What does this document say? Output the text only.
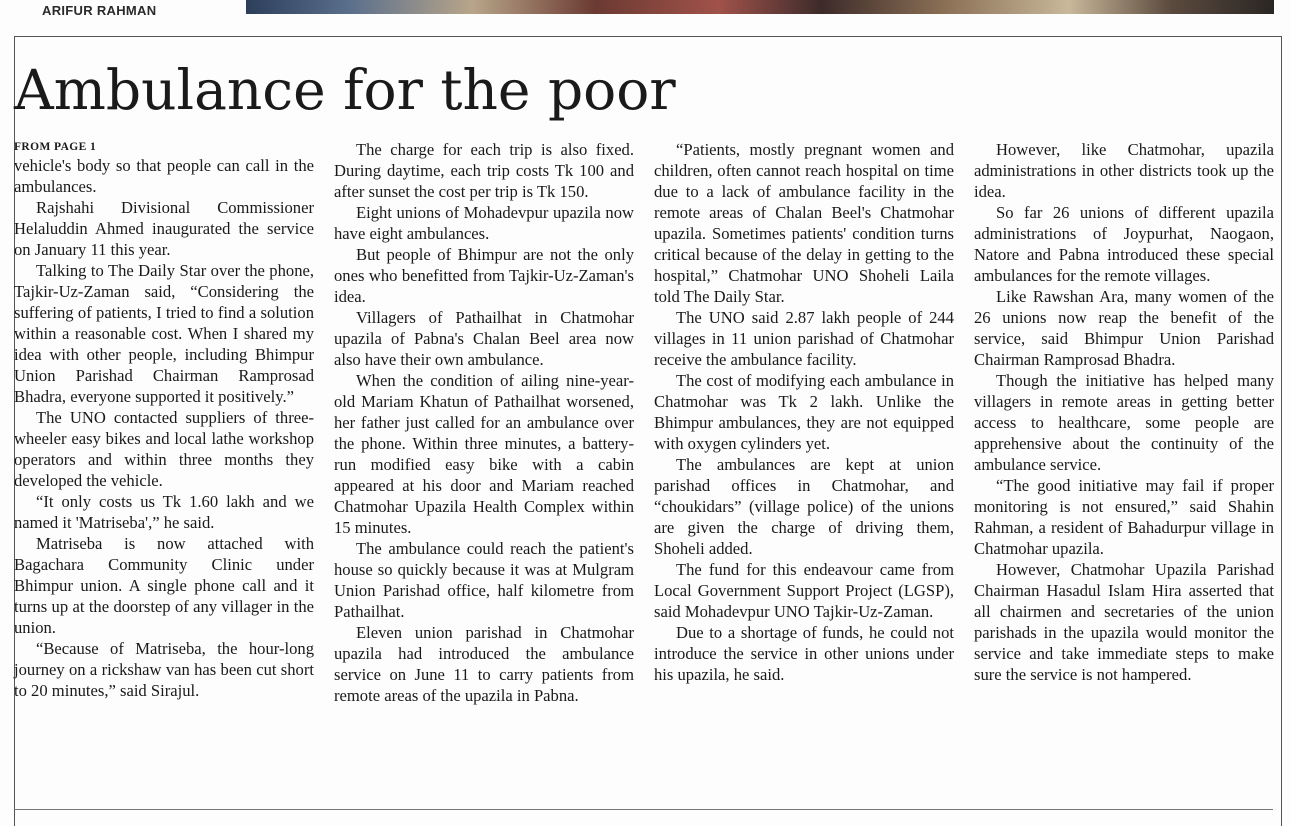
ARIFUR RAHMAN
Ambulance for the poor
FROM PAGE 1

vehicle's body so that people can call in the ambulances.

Rajshahi Divisional Commissioner Helaluddin Ahmed inaugurated the service on January 11 this year.

Talking to The Daily Star over the phone, Tajkir-Uz-Zaman said, “Considering the suffering of patients, I tried to find a solution within a reasonable cost. When I shared my idea with other people, including Bhimpur Union Parishad Chairman Ramprosad Bhadra, everyone supported it positively.”

The UNO contacted suppliers of three-wheeler easy bikes and local lathe workshop operators and within three months they developed the vehicle.

“It only costs us Tk 1.60 lakh and we named it 'Matriseba',” he said.

Matriseba is now attached with Bagachara Community Clinic under Bhimpur union. A single phone call and it turns up at the doorstep of any villager in the union.

“Because of Matriseba, the hour-long journey on a rickshaw van has been cut short to 20 minutes,” said Sirajul.

The charge for each trip is also fixed. During daytime, each trip costs Tk 100 and after sunset the cost per trip is Tk 150.

Eight unions of Mohadevpur upazila now have eight ambulances.

But people of Bhimpur are not the only ones who benefitted from Tajkir-Uz-Zaman's idea.

Villagers of Pathailhat in Chatmohar upazila of Pabna's Chalan Beel area now also have their own ambulance.

When the condition of ailing nine-year-old Mariam Khatun of Pathailhat worsened, her father just called for an ambulance over the phone. Within three minutes, a battery-run modified easy bike with a cabin appeared at his door and Mariam reached Chatmohar Upazila Health Complex within 15 minutes.

The ambulance could reach the patient's house so quickly because it was at Mulgram Union Parishad office, half kilometre from Pathailhat.

Eleven union parishad in Chatmohar upazila had introduced the ambulance service on June 11 to carry patients from remote areas of the upazila in Pabna.

“Patients, mostly pregnant women and children, often cannot reach hospital on time due to a lack of ambulance facility in the remote areas of Chalan Beel's Chatmohar upazila. Sometimes patients' condition turns critical because of the delay in getting to the hospital,” Chatmohar UNO Shoheli Laila told The Daily Star.

The UNO said 2.87 lakh people of 244 villages in 11 union parishad of Chatmohar receive the ambulance facility.

The cost of modifying each ambulance in Chatmohar was Tk 2 lakh. Unlike the Bhimpur ambulances, they are not equipped with oxygen cylinders yet.

The ambulances are kept at union parishad offices in Chatmohar, and “choukidars” (village police) of the unions are given the charge of driving them, Shoheli added.

The fund for this endeavour came from Local Government Support Project (LGSP), said Mohadevpur UNO Tajkir-Uz-Zaman.

Due to a shortage of funds, he could not introduce the service in other unions under his upazila, he said.

However, like Chatmohar, upazila administrations in other districts took up the idea.

So far 26 unions of different upazila administrations of Joypurhat, Naogaon, Natore and Pabna introduced these special ambulances for the remote villages.

Like Rawshan Ara, many women of the 26 unions now reap the benefit of the service, said Bhimpur Union Parishad Chairman Ramprosad Bhadra.

Though the initiative has helped many villagers in remote areas in getting better access to healthcare, some people are apprehensive about the continuity of the ambulance service.

“The good initiative may fail if proper monitoring is not ensured,” said Shahin Rahman, a resident of Bahadurpur village in Chatmohar upazila.

However, Chatmohar Upazila Parishad Chairman Hasadul Islam Hira asserted that all chairmen and secretaries of the union parishads in the upazila would monitor the service and take immediate steps to make sure the service is not hampered.
